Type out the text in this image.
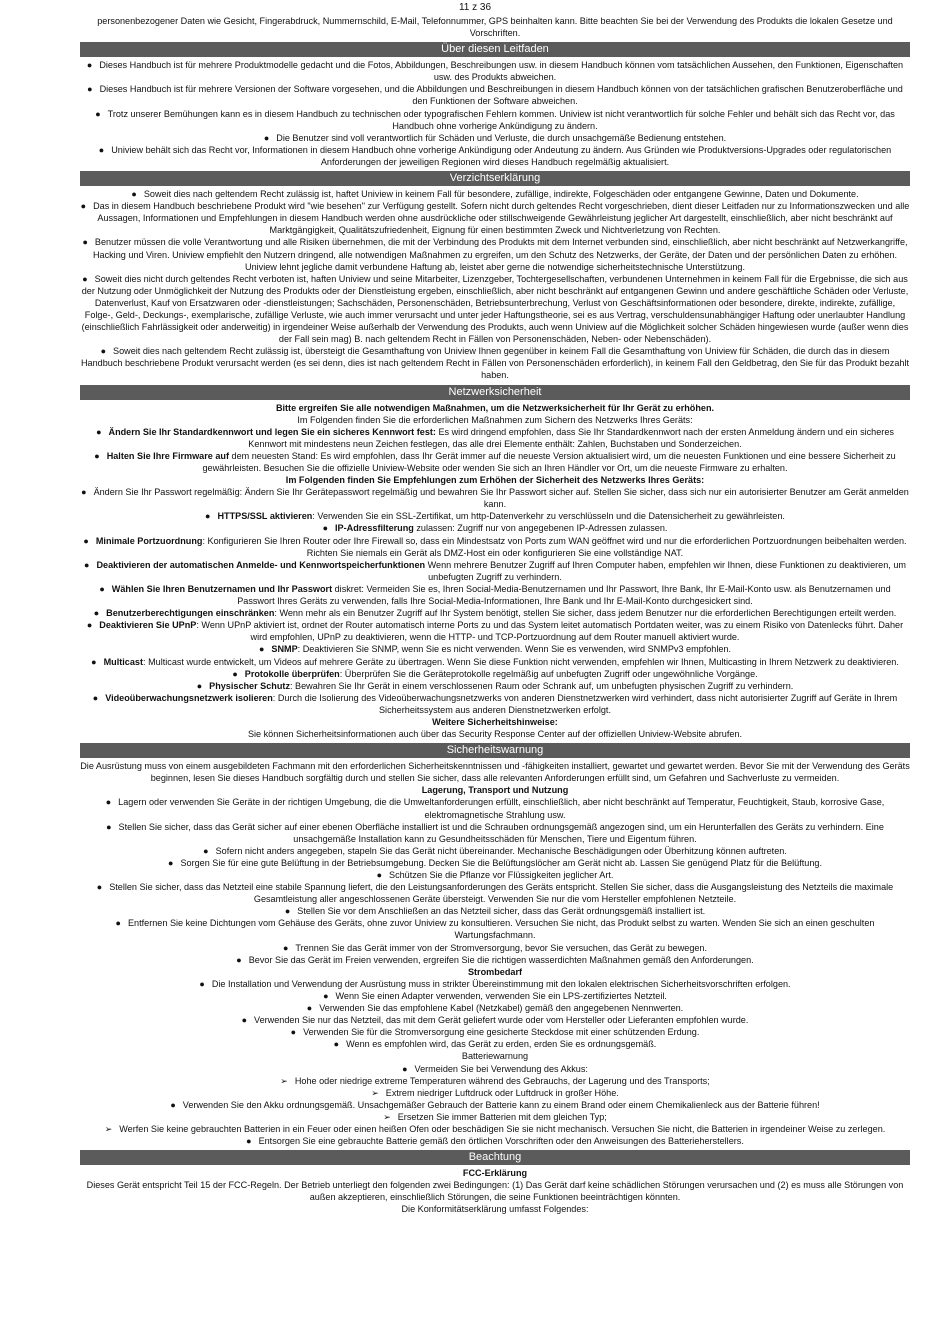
11 z 36

personenbezogener Daten wie Gesicht, Fingerabdruck, Nummernschild, E-Mail, Telefonnummer, GPS beinhalten kann. Bitte beachten Sie bei der Verwendung des Produkts die lokalen Gesetze und Vorschriften.

Über diesen Leitfaden

● Dieses Handbuch ist für mehrere Produktmodelle gedacht und die Fotos, Abbildungen, Beschreibungen usw. in diesem Handbuch können vom tatsächlichen Aussehen, den Funktionen, Eigenschaften usw. des Produkts abweichen.

● Dieses Handbuch ist für mehrere Versionen der Software vorgesehen, und die Abbildungen und Beschreibungen in diesem Handbuch können von der tatsächlichen grafischen Benutzeroberfläche und den Funktionen der Software abweichen.

● Trotz unserer Bemühungen kann es in diesem Handbuch zu technischen oder typografischen Fehlern kommen. Uniview ist nicht verantwortlich für solche Fehler und behält sich das Recht vor, das Handbuch ohne vorherige Ankündigung zu ändern.

● Die Benutzer sind voll verantwortlich für Schäden und Verluste, die durch unsachgemäße Bedienung entstehen.

● Uniview behält sich das Recht vor, Informationen in diesem Handbuch ohne vorherige Ankündigung oder Andeutung zu ändern. Aus Gründen wie Produktversions-Upgrades oder regulatorischen Anforderungen der jeweiligen Regionen wird dieses Handbuch regelmäßig aktualisiert.

Verzichtserklärung

● Soweit dies nach geltendem Recht zulässig ist, haftet Uniview in keinem Fall für besondere, zufällige, indirekte, Folgeschäden oder entgangene Gewinne, Daten und Dokumente.

● Das in diesem Handbuch beschriebene Produkt wird "wie besehen" zur Verfügung gestellt. Sofern nicht durch geltendes Recht vorgeschrieben, dient dieser Leitfaden nur zu Informationszwecken und alle Aussagen, Informationen und Empfehlungen in diesem Handbuch werden ohne ausdrückliche oder stillschweigende Gewährleistung jeglicher Art dargestellt, einschließlich, aber nicht beschränkt auf Marktgängigkeit, Qualitätszufriedenheit, Eignung für einen bestimmten Zweck und Nichtverletzung von Rechten.

● Benutzer müssen die volle Verantwortung und alle Risiken übernehmen, die mit der Verbindung des Produkts mit dem Internet verbunden sind, einschließlich, aber nicht beschränkt auf Netzwerkangriffe, Hacking und Viren. Uniview empfiehlt den Nutzern dringend, alle notwendigen Maßnahmen zu ergreifen, um den Schutz des Netzwerks, der Geräte, der Daten und der persönlichen Daten zu erhöhen. Uniview lehnt jegliche damit verbundene Haftung ab, leistet aber gerne die notwendige sicherheitstechnische Unterstützung.

● Soweit dies nicht durch geltendes Recht verboten ist, haften Uniview und seine Mitarbeiter, Lizenzgeber, Tochtergesellschaften, verbundenen Unternehmen in keinem Fall für die Ergebnisse, die sich aus der Nutzung oder Unmöglichkeit der Nutzung des Produkts oder der Dienstleistung ergeben, einschließlich, aber nicht beschränkt auf entgangenen Gewinn und andere geschäftliche Schäden oder Verluste, Datenverlust, Kauf von Ersatzwaren oder -dienstleistungen; Sachschäden, Personenschäden, Betriebsunterbrechung, Verlust von Geschäftsinformationen oder besondere, direkte, indirekte, zufällige, Folge-, Geld-, Deckungs-, exemplarische, zufällige Verluste, wie auch immer verursacht und unter jeder Haftungstheorie, sei es aus Vertrag, verschuldensunabhängiger Haftung oder unerlaubter Handlung (einschließlich Fahrlässigkeit oder anderweitig) in irgendeiner Weise außerhalb der Verwendung des Produkts, auch wenn Uniview auf die Möglichkeit solcher Schäden hingewiesen wurde (außer wenn dies der Fall sein mag) B. nach geltendem Recht in Fällen von Personenschäden, Neben- oder Nebenschäden).

● Soweit dies nach geltendem Recht zulässig ist, übersteigt die Gesamthaftung von Uniview Ihnen gegenüber in keinem Fall die Gesamthaftung von Uniview für Schäden, die durch das in diesem Handbuch beschriebene Produkt verursacht werden (es sei denn, dies ist nach geltendem Recht in Fällen von Personenschäden erforderlich), in keinem Fall den Geldbetrag, den Sie für das Produkt bezahlt haben.

Netzwerksicherheit

Bitte ergreifen Sie alle notwendigen Maßnahmen, um die Netzwerksicherheit für Ihr Gerät zu erhöhen.

Im Folgenden finden Sie die erforderlichen Maßnahmen zum Sichern des Netzwerks Ihres Geräts:

● Ändern Sie Ihr Standardkennwort und legen Sie ein sicheres Kennwort fest: Es wird dringend empfohlen, dass Sie Ihr Standardkennwort nach der ersten Anmeldung ändern und ein sicheres Kennwort mit mindestens neun Zeichen festlegen, das alle drei Elemente enthält: Zahlen, Buchstaben und Sonderzeichen.

● Halten Sie Ihre Firmware auf dem neuesten Stand: Es wird empfohlen, dass Ihr Gerät immer auf die neueste Version aktualisiert wird, um die neuesten Funktionen und eine bessere Sicherheit zu gewährleisten. Besuchen Sie die offizielle Uniview-Website oder wenden Sie sich an Ihren Händler vor Ort, um die neueste Firmware zu erhalten.

Im Folgenden finden Sie Empfehlungen zum Erhöhen der Sicherheit des Netzwerks Ihres Geräts:

● Ändern Sie Ihr Passwort regelmäßig: Ändern Sie Ihr Gerätepasswort regelmäßig und bewahren Sie Ihr Passwort sicher auf. Stellen Sie sicher, dass sich nur ein autorisierter Benutzer am Gerät anmelden kann.

● HTTPS/SSL aktivieren: Verwenden Sie ein SSL-Zertifikat, um http-Datenverkehr zu verschlüsseln und die Datensicherheit zu gewährleisten.

● IP-Adressfilterung zulassen: Zugriff nur von angegebenen IP-Adressen zulassen.

● Minimale Portzuordnung: Konfigurieren Sie Ihren Router oder Ihre Firewall so, dass ein Mindestsatz von Ports zum WAN geöffnet wird und nur die erforderlichen Portzuordnungen beibehalten werden. Richten Sie niemals ein Gerät als DMZ-Host ein oder konfigurieren Sie eine vollständige NAT.

● Deaktivieren der automatischen Anmelde- und Kennwortspeicherfunktionen Wenn mehrere Benutzer Zugriff auf Ihren Computer haben, empfehlen wir Ihnen, diese Funktionen zu deaktivieren, um unbefugten Zugriff zu verhindern.

● Wählen Sie Ihren Benutzernamen und Ihr Passwort diskret: Vermeiden Sie es, Ihren Social-Media-Benutzernamen und Ihr Passwort, Ihre Bank, Ihr E-Mail-Konto usw. als Benutzernamen und Passwort Ihres Geräts zu verwenden, falls Ihre Social-Media-Informationen, Ihre Bank und Ihr E-Mail-Konto durchgesickert sind.

● Benutzerberechtigungen einschränken: Wenn mehr als ein Benutzer Zugriff auf Ihr System benötigt, stellen Sie sicher, dass jedem Benutzer nur die erforderlichen Berechtigungen erteilt werden.

● Deaktivieren Sie UPnP: Wenn UPnP aktiviert ist, ordnet der Router automatisch interne Ports zu und das System leitet automatisch Portdaten weiter, was zu einem Risiko von Datenlecks führt. Daher wird empfohlen, UPnP zu deaktivieren, wenn die HTTP- und TCP-Portzuordnung auf dem Router manuell aktiviert wurde.

● SNMP: Deaktivieren Sie SNMP, wenn Sie es nicht verwenden. Wenn Sie es verwenden, wird SNMPv3 empfohlen.

● Multicast: Multicast wurde entwickelt, um Videos auf mehrere Geräte zu übertragen. Wenn Sie diese Funktion nicht verwenden, empfehlen wir Ihnen, Multicasting in Ihrem Netzwerk zu deaktivieren.

● Protokolle überprüfen: Überprüfen Sie die Geräteprotokolle regelmäßig auf unbefugten Zugriff oder ungewöhnliche Vorgänge.

● Physischer Schutz: Bewahren Sie Ihr Gerät in einem verschlossenen Raum oder Schrank auf, um unbefugten physischen Zugriff zu verhindern.

● Videoüberwachungsnetzwerk isolieren: Durch die Isolierung des Videoüberwachungsnetzwerks von anderen Dienstnetzwerken wird verhindert, dass nicht autorisierter Zugriff auf Geräte in Ihrem Sicherheitssystem aus anderen Dienstnetzwerken erfolgt.

Weitere Sicherheitshinweise:

Sie können Sicherheitsinformationen auch über das Security Response Center auf der offiziellen Uniview-Website abrufen.

Sicherheitswarnung

Die Ausrüstung muss von einem ausgebildeten Fachmann mit den erforderlichen Sicherheitskenntnissen und -fähigkeiten installiert, gewartet und gewartet werden. Bevor Sie mit der Verwendung des Geräts beginnen, lesen Sie dieses Handbuch sorgfältig durch und stellen Sie sicher, dass alle relevanten Anforderungen erfüllt sind, um Gefahren und Sachverluste zu vermeiden.

Lagerung, Transport und Nutzung

● Lagern oder verwenden Sie Geräte in der richtigen Umgebung, die die Umweltanforderungen erfüllt, einschließlich, aber nicht beschränkt auf Temperatur, Feuchtigkeit, Staub, korrosive Gase, elektromagnetische Strahlung usw.

● Stellen Sie sicher, dass das Gerät sicher auf einer ebenen Oberfläche installiert ist und die Schrauben ordnungsgemäß angezogen sind, um ein Herunterfallen des Geräts zu verhindern. Eine unsachgemäße Installation kann zu Gesundheitsschäden für Menschen, Tiere und Eigentum führen.

● Sofern nicht anders angegeben, stapeln Sie das Gerät nicht übereinander. Mechanische Beschädigungen oder Überhitzung können auftreten.

● Sorgen Sie für eine gute Belüftung in der Betriebsumgebung. Decken Sie die Belüftungslöcher am Gerät nicht ab. Lassen Sie genügend Platz für die Belüftung.

● Schützen Sie die Pflanze vor Flüssigkeiten jeglicher Art.

● Stellen Sie sicher, dass das Netzteil eine stabile Spannung liefert, die den Leistungsanforderungen des Geräts entspricht. Stellen Sie sicher, dass die Ausgangsleistung des Netzteils die maximale Gesamtleistung aller angeschlossenen Geräte übersteigt. Verwenden Sie nur die vom Hersteller empfohlenen Netzteile.

● Stellen Sie vor dem Anschließen an das Netzteil sicher, dass das Gerät ordnungsgemäß installiert ist.

● Entfernen Sie keine Dichtungen vom Gehäuse des Geräts, ohne zuvor Uniview zu konsultieren. Versuchen Sie nicht, das Produkt selbst zu warten. Wenden Sie sich an einen geschulten Wartungsfachmann.

● Trennen Sie das Gerät immer von der Stromversorgung, bevor Sie versuchen, das Gerät zu bewegen.

● Bevor Sie das Gerät im Freien verwenden, ergreifen Sie die richtigen wasserdichten Maßnahmen gemäß den Anforderungen.

Strombedarf

● Die Installation und Verwendung der Ausrüstung muss in strikter Übereinstimmung mit den lokalen elektrischen Sicherheitsvorschriften erfolgen.

● Wenn Sie einen Adapter verwenden, verwenden Sie ein LPS-zertifiziertes Netzteil.

● Verwenden Sie das empfohlene Kabel (Netzkabel) gemäß den angegebenen Nennwerten.

● Verwenden Sie nur das Netzteil, das mit dem Gerät geliefert wurde oder vom Hersteller oder Lieferanten empfohlen wurde.

● Verwenden Sie für die Stromversorgung eine gesicherte Steckdose mit einer schützenden Erdung.

● Wenn es empfohlen wird, das Gerät zu erden, erden Sie es ordnungsgemäß.

Batteriewarnung

● Vermeiden Sie bei Verwendung des Akkus:

➢ Hohe oder niedrige extreme Temperaturen während des Gebrauchs, der Lagerung und des Transports;

➢ Extrem niedriger Luftdruck oder Luftdruck in großer Höhe.

● Verwenden Sie den Akku ordnungsgemäß. Unsachgemäßer Gebrauch der Batterie kann zu einem Brand oder einem Chemikalienleck aus der Batterie führen!

➢ Ersetzen Sie immer Batterien mit dem gleichen Typ;

➢ Werfen Sie keine gebrauchten Batterien in ein Feuer oder einen heißen Ofen oder beschädigen Sie sie nicht mechanisch. Versuchen Sie nicht, die Batterien in irgendeiner Weise zu zerlegen.

● Entsorgen Sie eine gebrauchte Batterie gemäß den örtlichen Vorschriften oder den Anweisungen des Batterieherstellers.

Beachtung

FCC-Erklärung

Dieses Gerät entspricht Teil 15 der FCC-Regeln. Der Betrieb unterliegt den folgenden zwei Bedingungen: (1) Das Gerät darf keine schädlichen Störungen verursachen und (2) es muss alle Störungen von außen akzeptieren, einschließlich Störungen, die seine Funktionen beeinträchtigen könnten.

Die Konformitätserklärung umfasst Folgendes:
